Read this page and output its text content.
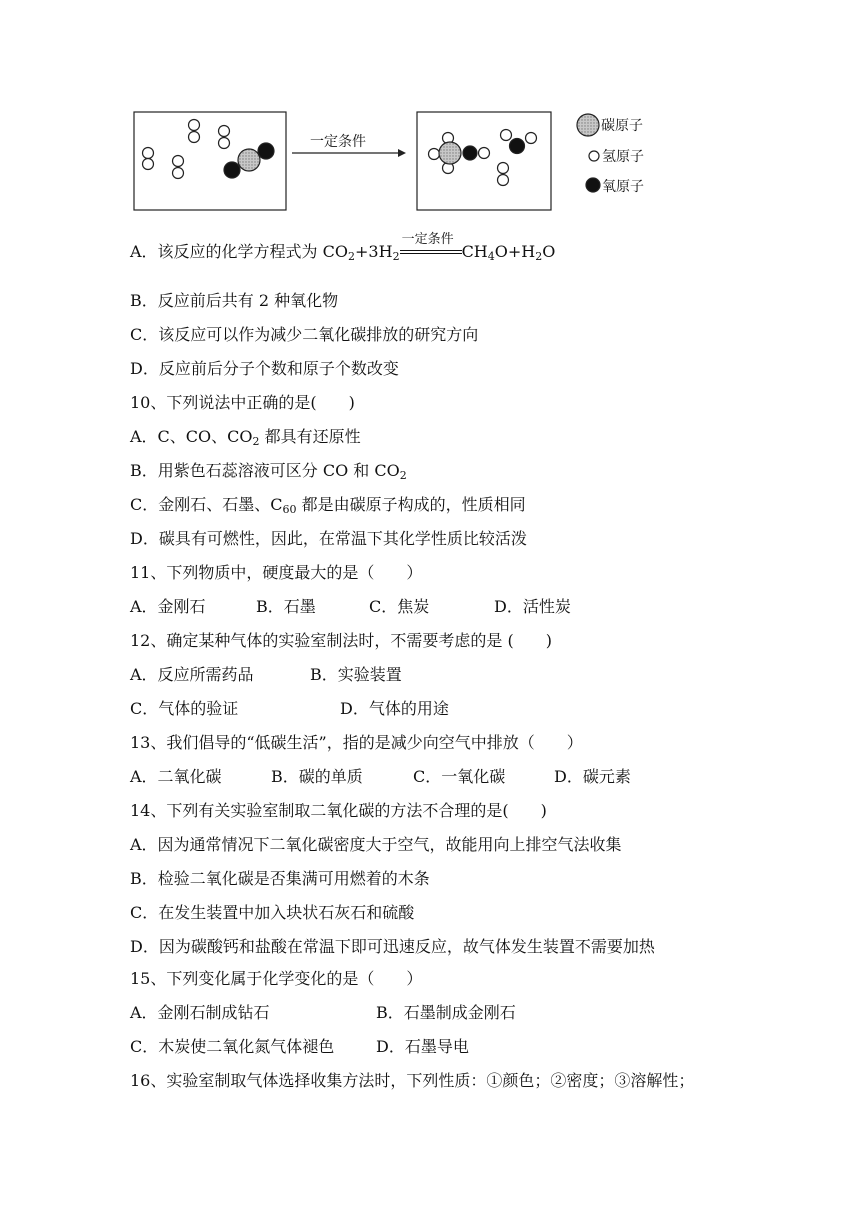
一定条件
碳原子
氢原子
氧原子
A．该反应的化学方程式为 $CO_2+3H_2$
一定条件
$CH_4O+H_2O$
B．反应前后共有 2 种氧化物
C．该反应可以作为减少二氧化碳排放的研究方向
D．反应前后分子个数和原子个数改变
10、下列说法中正确的是(　　)
A．C、CO、$CO_2$ 都具有还原性
B．用紫色石蕊溶液可区分 CO 和 $CO_2$
C．金刚石、石墨、$C_{60}$ 都是由碳原子构成的，性质相同
D．碳具有可燃性，因此，在常温下其化学性质比较活泼
11、下列物质中，硬度最大的是（　　）
A．金刚石	B．石墨	C．焦炭	D．活性炭
12、确定某种气体的实验室制法时，不需要考虑的是 (　　)
A．反应所需药品	B．实验装置
C．气体的验证	D．气体的用途
13、我们倡导的“低碳生活”，指的是减少向空气中排放（　　）
A．二氧化碳	B．碳的单质	C．一氧化碳	D．碳元素
14、下列有关实验室制取二氧化碳的方法不合理的是(　　)
A．因为通常情况下二氧化碳密度大于空气，故能用向上排空气法收集
B．检验二氧化碳是否集满可用燃着的木条
C．在发生装置中加入块状石灰石和硫酸
D．因为碳酸钙和盐酸在常温下即可迅速反应，故气体发生装置不需要加热
15、下列变化属于化学变化的是（　　）
A．金刚石制成钻石	B．石墨制成金刚石
C．木炭使二氧化氮气体褪色	D．石墨导电
16、实验室制取气体选择收集方法时，下列性质：①颜色；②密度；③溶解性；
